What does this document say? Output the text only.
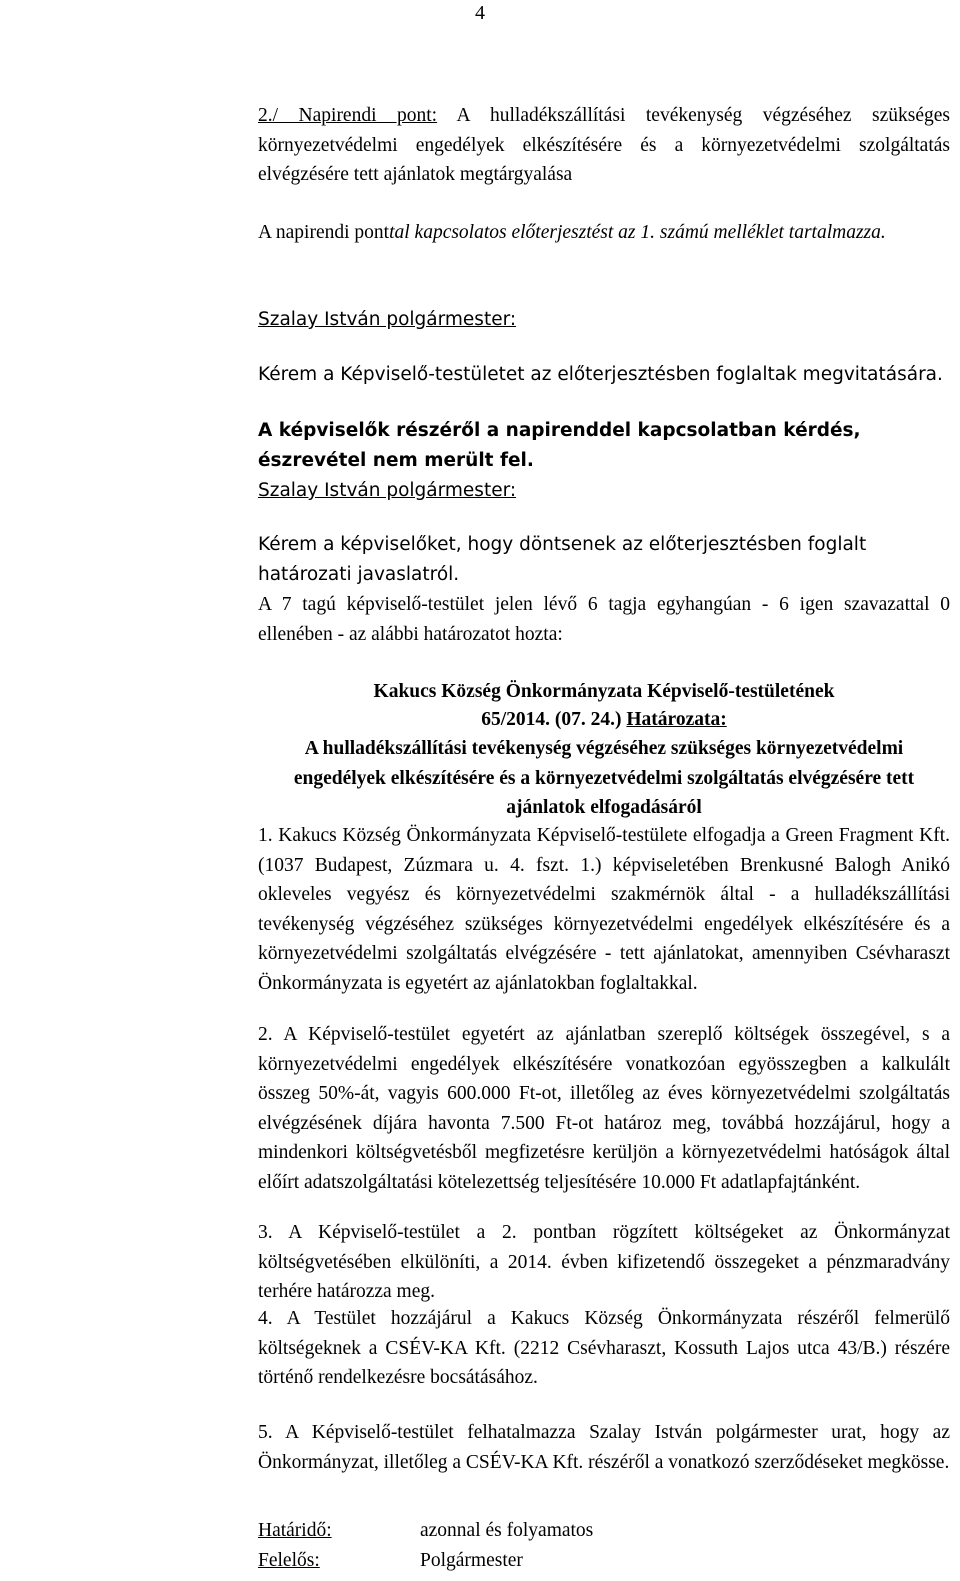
4
2./ Napirendi pont: A hulladékszállítási tevékenység végzéséhez szükséges környezetvédelmi engedélyek elkészítésére és a környezetvédelmi szolgáltatás elvégzésére tett ajánlatok megtárgyalása
A napirendi ponttal kapcsolatos előterjesztést az 1. számú melléklet tartalmazza.
Szalay István polgármester:
Kérem a Képviselő-testületet az előterjesztésben foglaltak megvitatására.
A képviselők részéről a napirenddel kapcsolatban kérdés, észrevétel nem merült fel.
Szalay István polgármester:
Kérem a képviselőket, hogy döntsenek az előterjesztésben foglalt határozati javaslatról.
A 7 tagú képviselő-testület jelen lévő 6 tagja egyhangúan - 6 igen szavazattal 0 ellenében - az alábbi határozatot hozta:
Kakucs Község Önkormányzata Képviselő-testületének
65/2014. (07. 24.) Határozata:
A hulladékszállítási tevékenység végzéséhez szükséges környezetvédelmi engedélyek elkészítésére és a környezetvédelmi szolgáltatás elvégzésére tett ajánlatok elfogadásáról
1. Kakucs Község Önkormányzata Képviselő-testülete elfogadja a Green Fragment Kft. (1037 Budapest, Zúzmara u. 4. fszt. 1.) képviseletében Brenkusné Balogh Anikó okleveles vegyész és környezetvédelmi szakmérnök által - a hulladékszállítási tevékenység végzéséhez szükséges környezetvédelmi engedélyek elkészítésére és a környezetvédelmi szolgáltatás elvégzésére - tett ajánlatokat, amennyiben Csévharaszt Önkormányzata is egyetért az ajánlatokban foglaltakkal.
2. A Képviselő-testület egyetért az ajánlatban szereplő költségek összegével, s a környezetvédelmi engedélyek elkészítésére vonatkozóan egyösszegben a kalkulált összeg 50%-át, vagyis 600.000 Ft-ot, illetőleg az éves környezetvédelmi szolgáltatás elvégzésének díjára havonta 7.500 Ft-ot határoz meg, továbbá hozzájárul, hogy a mindenkori költségvetésből megfizetésre kerüljön a környezetvédelmi hatóságok által előírt adatszolgáltatási kötelezettség teljesítésére 10.000 Ft adatlapfajtánként.
3. A Képviselő-testület a 2. pontban rögzített költségeket az Önkormányzat költségvetésében elkülöníti, a 2014. évben kifizetendő összegeket a pénzmaradvány terhére határozza meg.
4. A Testület hozzájárul a Kakucs Község Önkormányzata részéről felmerülő költségeknek a CSÉV-KA Kft. (2212 Csévharaszt, Kossuth Lajos utca 43/B.) részére történő rendelkezésre bocsátásához.
5. A Képviselő-testület felhatalmazza Szalay István polgármester urat, hogy az Önkormányzat, illetőleg a CSÉV-KA Kft. részéről a vonatkozó szerződéseket megkösse.
Határidő:	azonnal és folyamatos
Felelős:	Polgármester
